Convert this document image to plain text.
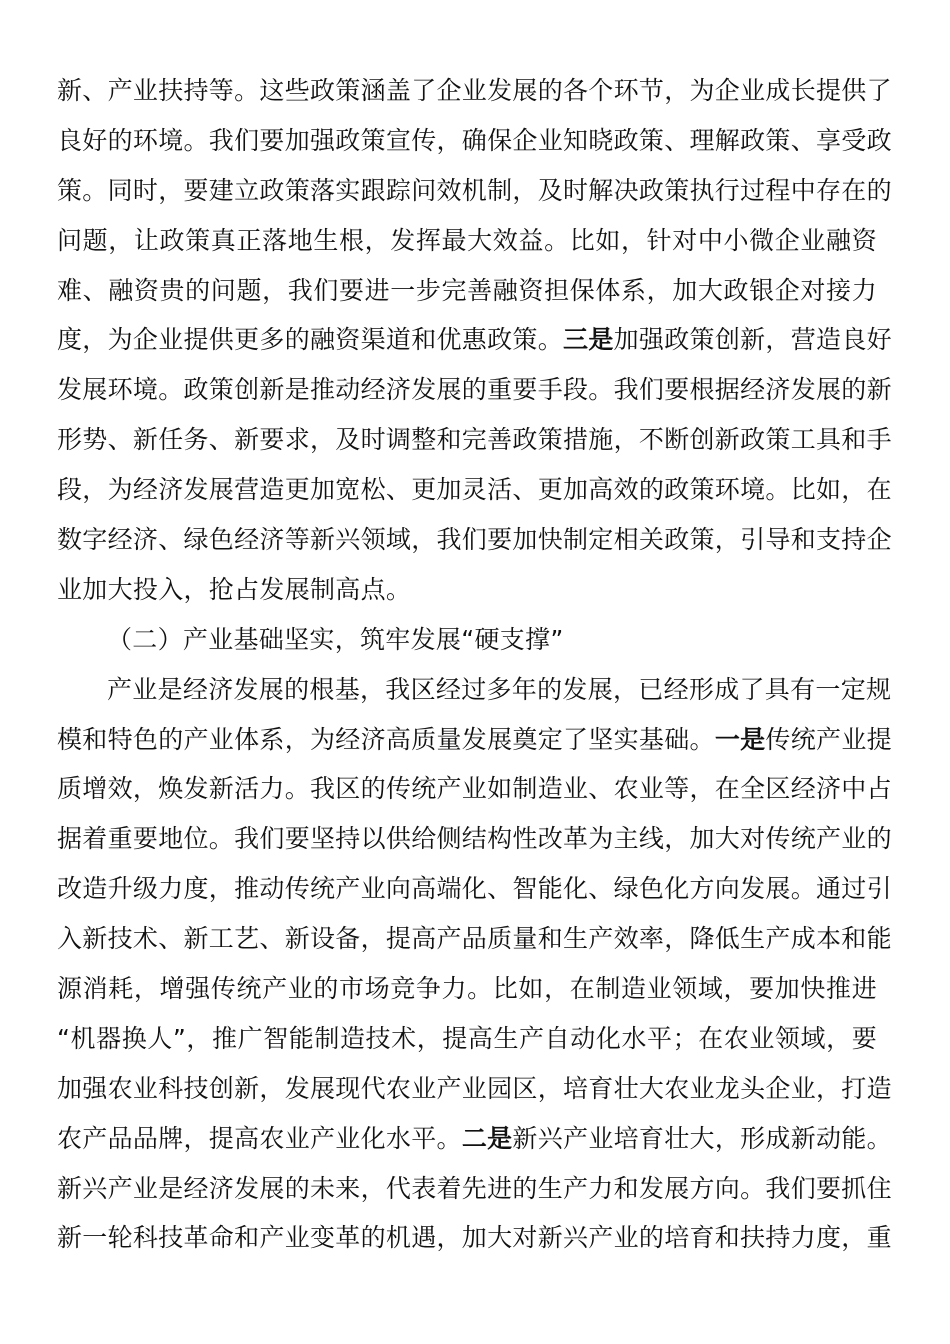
新、产业扶持等。这些政策涵盖了企业发展的各个环节，为企业成长提供了
良好的环境。我们要加强政策宣传，确保企业知晓政策、理解政策、享受政
策。同时，要建立政策落实跟踪问效机制，及时解决政策执行过程中存在的
问题，让政策真正落地生根，发挥最大效益。比如，针对中小微企业融资
难、融资贵的问题，我们要进一步完善融资担保体系，加大政银企对接力
度，为企业提供更多的融资渠道和优惠政策。三是加强政策创新，营造良好
发展环境。政策创新是推动经济发展的重要手段。我们要根据经济发展的新
形势、新任务、新要求，及时调整和完善政策措施，不断创新政策工具和手
段，为经济发展营造更加宽松、更加灵活、更加高效的政策环境。比如，在
数字经济、绿色经济等新兴领域，我们要加快制定相关政策，引导和支持企
业加大投入，抢占发展制高点。
（二）产业基础坚实，筑牢发展“硬支撑”
产业是经济发展的根基，我区经过多年的发展，已经形成了具有一定规
模和特色的产业体系，为经济高质量发展奠定了坚实基础。一是传统产业提
质增效，焕发新活力。我区的传统产业如制造业、农业等，在全区经济中占
据着重要地位。我们要坚持以供给侧结构性改革为主线，加大对传统产业的
改造升级力度，推动传统产业向高端化、智能化、绿色化方向发展。通过引
入新技术、新工艺、新设备，提高产品质量和生产效率，降低生产成本和能
源消耗，增强传统产业的市场竞争力。比如，在制造业领域，要加快推进
“机器换人”，推广智能制造技术，提高生产自动化水平；在农业领域，要
加强农业科技创新，发展现代农业产业园区，培育壮大农业龙头企业，打造
农产品品牌，提高农业产业化水平。二是新兴产业培育壮大，形成新动能。
新兴产业是经济发展的未来，代表着先进的生产力和发展方向。我们要抓住
新一轮科技革命和产业变革的机遇，加大对新兴产业的培育和扶持力度，重
